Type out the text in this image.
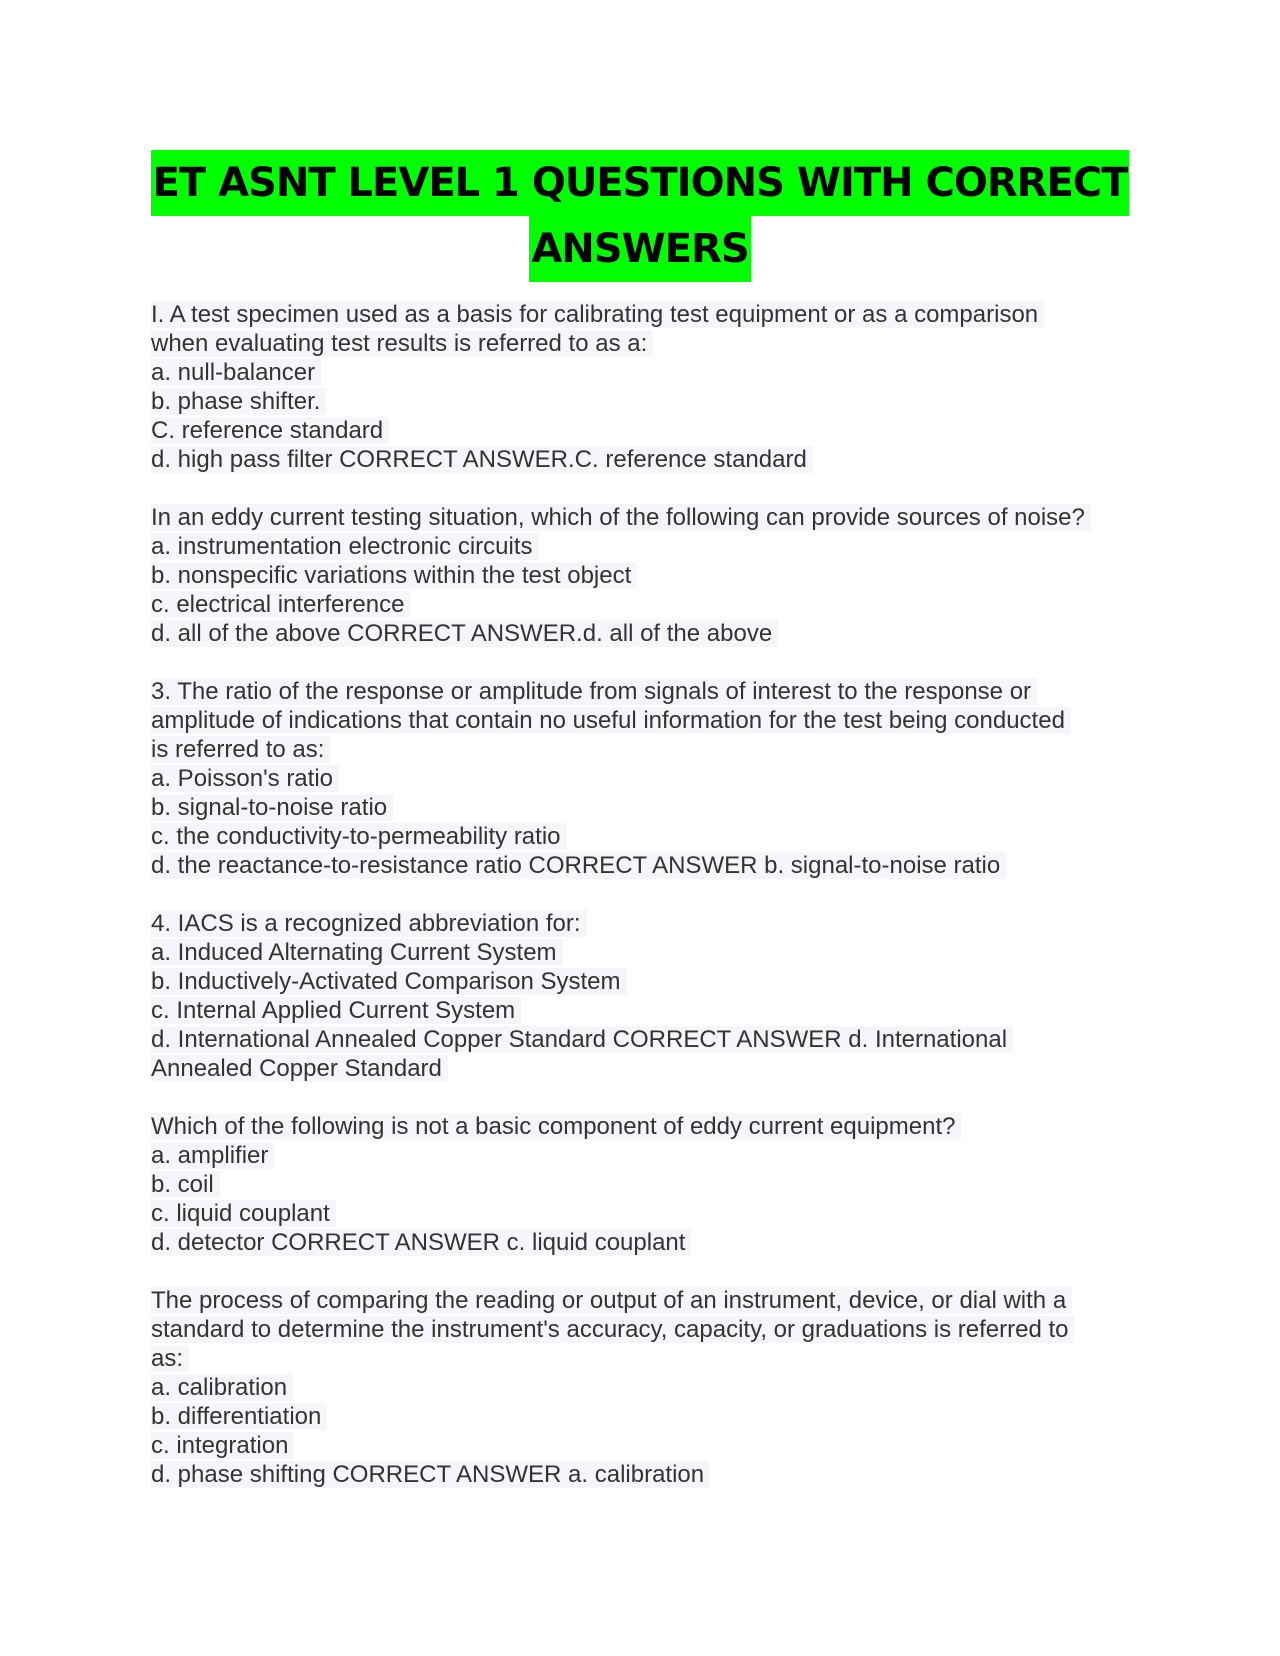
ET ASNT LEVEL 1 QUESTIONS WITH CORRECT
ANSWERS
I. A test specimen used as a basis for calibrating test equipment or as a comparison
when evaluating test results is referred to as a:
a. null-balancer
b. phase shifter.
C. reference standard
d. high pass filter CORRECT ANSWER.C. reference standard
In an eddy current testing situation, which of the following can provide sources of noise?
a. instrumentation electronic circuits
b. nonspecific variations within the test object
c. electrical interference
d. all of the above CORRECT ANSWER.d. all of the above
3. The ratio of the response or amplitude from signals of interest to the response or
amplitude of indications that contain no useful information for the test being conducted
is referred to as:
a. Poisson's ratio
b. signal-to-noise ratio
c. the conductivity-to-permeability ratio
d. the reactance-to-resistance ratio CORRECT ANSWER b. signal-to-noise ratio
4. IACS is a recognized abbreviation for:
a. Induced Alternating Current System
b. Inductively-Activated Comparison System
c. Internal Applied Current System
d. International Annealed Copper Standard CORRECT ANSWER d. International
Annealed Copper Standard
Which of the following is not a basic component of eddy current equipment?
a. amplifier
b. coil
c. liquid couplant
d. detector CORRECT ANSWER c. liquid couplant
The process of comparing the reading or output of an instrument, device, or dial with a
standard to determine the instrument's accuracy, capacity, or graduations is referred to
as:
a. calibration
b. differentiation
c. integration
d. phase shifting CORRECT ANSWER a. calibration
